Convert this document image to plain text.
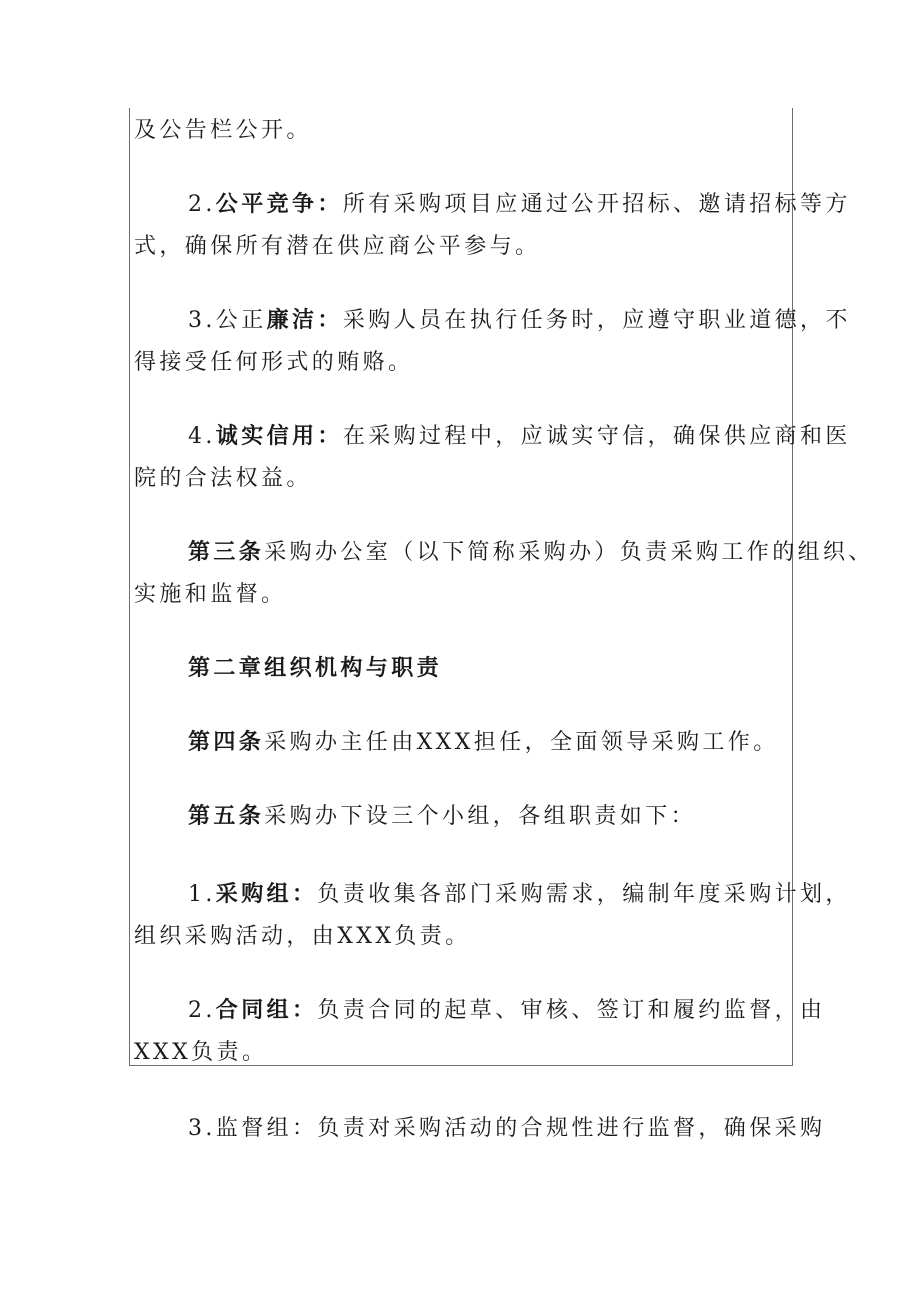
及公告栏公开。
2.公平竞争：所有采购项目应通过公开招标、邀请招标等方
式，确保所有潜在供应商公平参与。
3.公正廉洁：采购人员在执行任务时，应遵守职业道德，不
得接受任何形式的贿赂。
4.诚实信用：在采购过程中，应诚实守信，确保供应商和医
院的合法权益。
第三条采购办公室（以下简称采购办）负责采购工作的组织、
实施和监督。
第二章组织机构与职责
第四条采购办主任由XXX担任，全面领导采购工作。
第五条采购办下设三个小组，各组职责如下：
1.采购组：负责收集各部门采购需求，编制年度采购计划，
组织采购活动，由XXX负责。
2.合同组：负责合同的起草、审核、签订和履约监督，由
XXX负责。
3.监督组：负责对采购活动的合规性进行监督，确保采购
